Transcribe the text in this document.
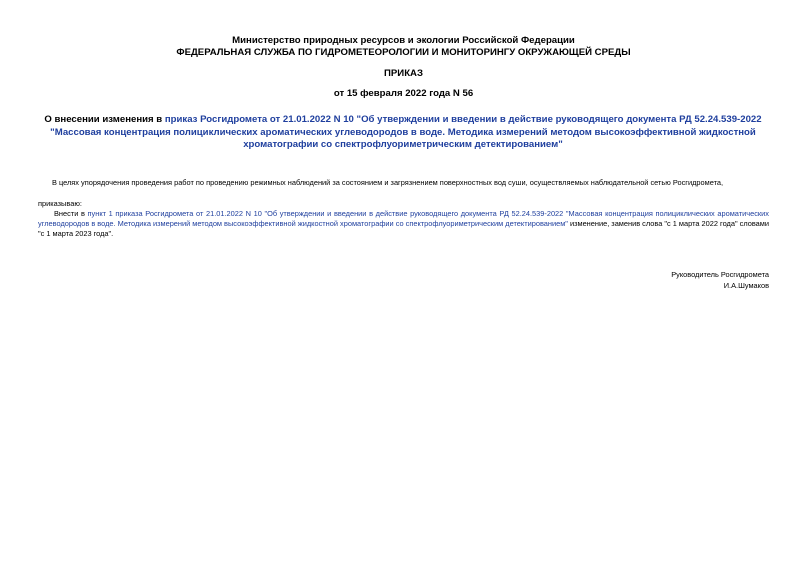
Министерство природных ресурсов и экологии Российской Федерации
ФЕДЕРАЛЬНАЯ СЛУЖБА ПО ГИДРОМЕТЕОРОЛОГИИ И МОНИТОРИНГУ ОКРУЖАЮЩЕЙ СРЕДЫ
ПРИКАЗ
от 15 февраля 2022 года N 56
О внесении изменения в приказ Росгидромета от 21.01.2022 N 10 "Об утверждении и введении в действие руководящего документа РД 52.24.539-2022 "Массовая концентрация полициклических ароматических углеводородов в воде. Методика измерений методом высокоэффективной жидкостной хроматографии со спектрофлуориметрическим детектированием"
В целях упорядочения проведения работ по проведению режимных наблюдений за состоянием и загрязнением поверхностных вод суши, осуществляемых наблюдательной сетью Росгидромета,
приказываю:
Внести в пункт 1 приказа Росгидромета от 21.01.2022 N 10 "Об утверждении и введении в действие руководящего документа РД 52.24.539-2022 "Массовая концентрация полициклических ароматических углеводородов в воде. Методика измерений методом высокоэффективной жидкостной хроматографии со спектрофлуориметрическим детектированием" изменение, заменив слова "с 1 марта 2022 года" словами "с 1 марта 2023 года".
Руководитель Росгидромета
И.А.Шумаков
